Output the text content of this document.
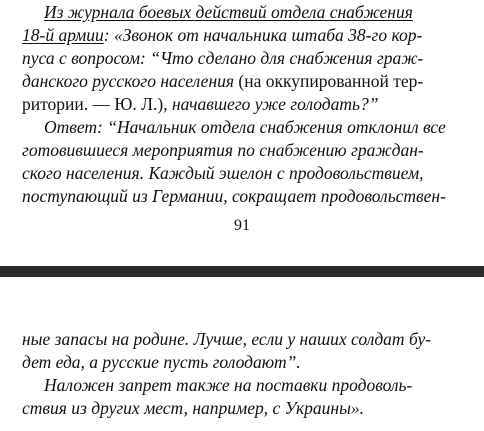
Из журнала боевых действий отдела снабжения
18-й армии: «Звонок от начальника штаба 38-го кор-
пуса с вопросом: “Что сделано для снабжения граж-
данского русского населения (на оккупированной тер-
ритории. — Ю. Л.), начавшего уже голодать?”
Ответ: “Начальник отдела снабжения отклонил все
готовившиеся мероприятия по снабжению граждан-
ского населения. Каждый эшелон с продовольствием,
поступающий из Германии, сокращает продовольствен-
91
ные запасы на родине. Лучше, если у наших солдат бу-
дет еда, а русские пусть голодают”.
Наложен запрет также на поставки продоволь-
ствия из других мест, например, с Украины».
